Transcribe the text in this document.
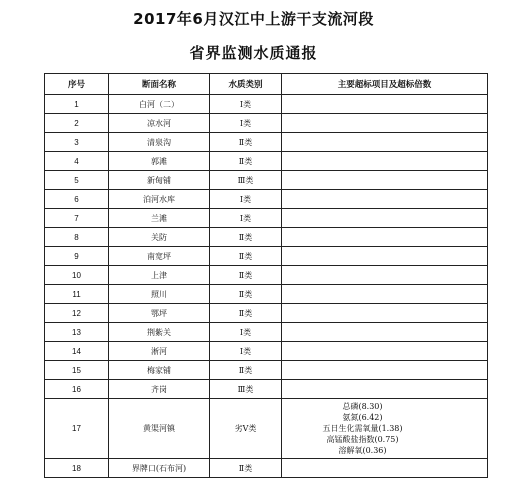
2017年6月汉江中上游干支流河段
省界监测水质通报
序号	断面名称	水质类别	主要超标项目及超标倍数
1	白河（二）	Ⅰ类	
2	凉水河	Ⅰ类	
3	清泉沟	Ⅱ类	
4	郭滩	Ⅱ类	
5	新甸铺	Ⅲ类	
6	泊河水库	Ⅰ类	
7	兰滩	Ⅰ类	
8	关防	Ⅱ类	
9	南宽坪	Ⅱ类	
10	上津	Ⅱ类	
11	照川	Ⅱ类	
12	鄂坪	Ⅱ类	
13	荆紫关	Ⅰ类	
14	淅河	Ⅰ类	
15	梅家铺	Ⅱ类	
16	齐岗	Ⅲ类	
17	黄渠河镇	劣Ⅴ类	总磷(8.30)
氨氮(6.42)
五日生化需氧量(1.38)
高锰酸盐指数(0.75)
溶解氧(0.36)

18	界牌口(石布河)	Ⅱ类	
